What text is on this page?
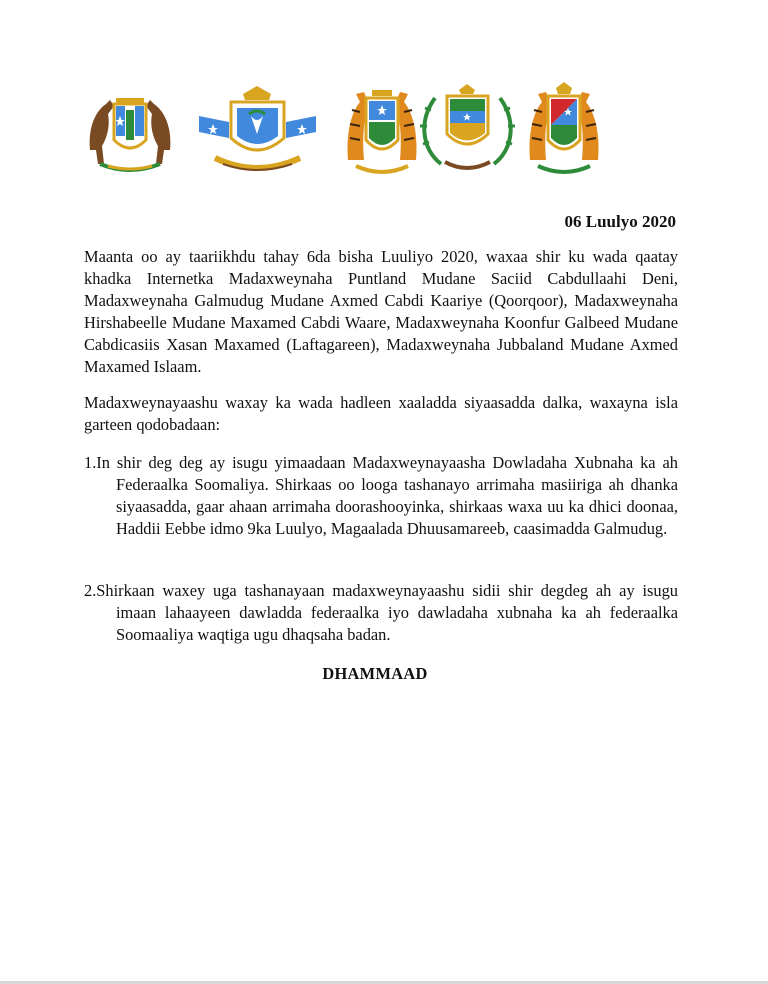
06 Luulyo 2020
Maanta oo ay taariikhdu tahay 6da bisha Luuliyo 2020, waxaa shir ku wada qaatay khadka Internetka Madaxweynaha Puntland Mudane Saciid Cabdullaahi Deni, Madaxweynaha Galmudug Mudane Axmed Cabdi Kaariye (Qoorqoor), Madaxweynaha Hirshabeelle Mudane Maxamed Cabdi Waare, Madaxweynaha Koonfur Galbeed Mudane Cabdicasiis Xasan Maxamed (Laftagareen), Madaxweynaha Jubbaland Mudane Axmed Maxamed Islaam.
Madaxweynayaashu waxay ka wada hadleen xaaladda siyaasadda dalka, waxayna isla garteen qodobadaan:
1.In shir deg deg ay isugu yimaadaan Madaxweynayaasha Dowladaha Xubnaha ka ah Federaalka Soomaliya. Shirkaas oo looga tashanayo arrimaha masiiriga ah dhanka siyaasadda, gaar ahaan arrimaha doorashooyinka, shirkaas waxa uu ka dhici doonaa, Haddii Eebbe idmo 9ka Luulyo, Magaalada Dhuusamareeb, caasimadda Galmudug.
2.Shirkaan waxey uga tashanayaan madaxweynayaashu sidii shir degdeg ah ay isugu imaan lahaayeen dawladda federaalka iyo dawladaha xubnaha ka ah federaalka Soomaaliya waqtiga ugu dhaqsaha badan.
DHAMMAAD
